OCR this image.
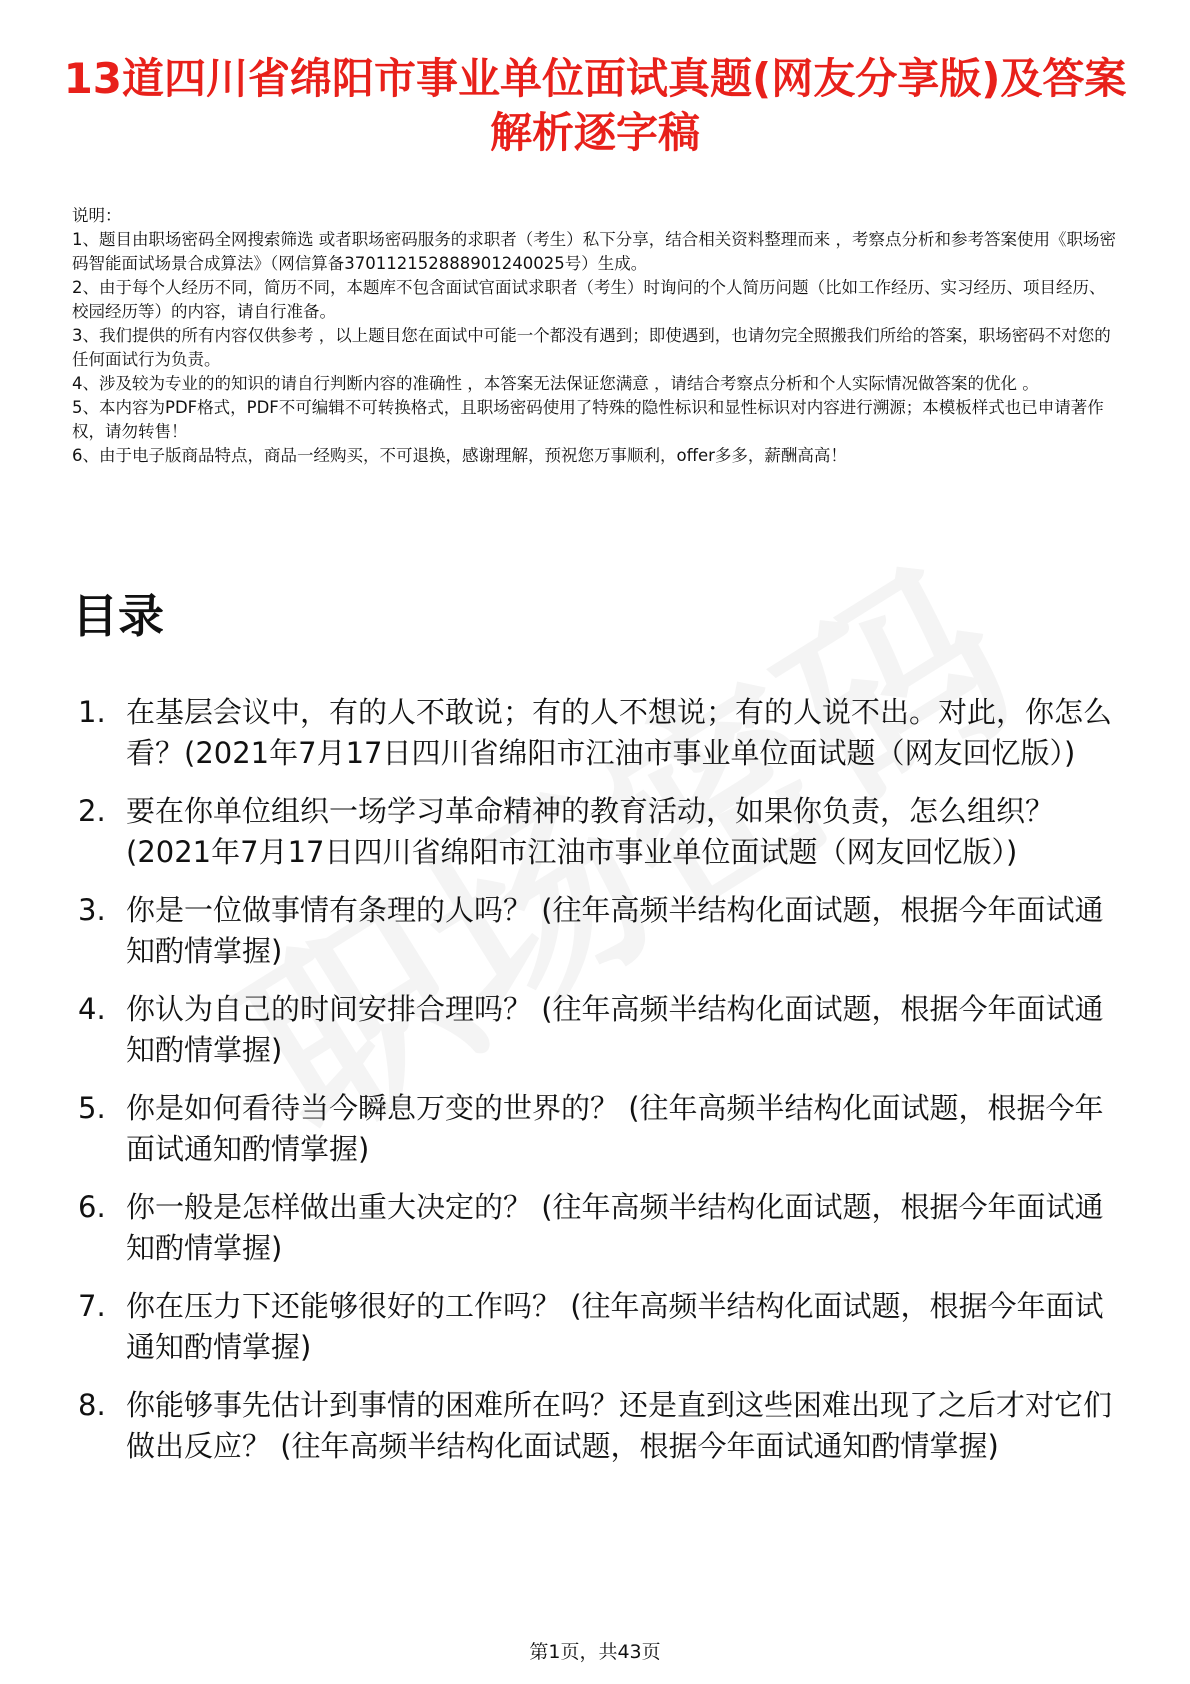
13道四川省绵阳市事业单位面试真题(网友分享版)及答案解析逐字稿

说明：

1、题目由职场密码全网搜索筛选 或者职场密码服务的求职者（考生）私下分享，结合相关资料整理而来 ，考察点分析和参考答案使用《职场密码智能面试场景合成算法》（网信算备370112152888901240025号）生成。

2、由于每个人经历不同，简历不同，本题库不包含面试官面试求职者（考生）时询问的个人简历问题（比如工作经历、实习经历、项目经历、校园经历等）的内容，请自行准备。

3、我们提供的所有内容仅供参考 ，以上题目您在面试中可能一个都没有遇到；即使遇到，也请勿完全照搬我们所给的答案，职场密码不对您的任何面试行为负责。

4、涉及较为专业的的知识的请自行判断内容的准确性 ，本答案无法保证您满意 ，请结合考察点分析和个人实际情况做答案的优化 。

5、本内容为PDF格式，PDF不可编辑不可转换格式，且职场密码使用了特殊的隐性标识和显性标识对内容进行溯源；本模板样式也已申请著作权，请勿转售！

6、由于电子版商品特点，商品一经购买，不可退换，感谢理解，预祝您万事顺利，offer多多，薪酬高高！

目录
1. 在基层会议中，有的人不敢说；有的人不想说；有的人说不出。对此，你怎么看？(2021年7月17日四川省绵阳市江油市事业单位面试题（网友回忆版）)
2. 要在你单位组织一场学习革命精神的教育活动，如果你负责，怎么组织？(2021年7月17日四川省绵阳市江油市事业单位面试题（网友回忆版）)
3. 你是一位做事情有条理的人吗？ (往年高频半结构化面试题，根据今年面试通知酌情掌握)
4. 你认为自己的时间安排合理吗？ (往年高频半结构化面试题，根据今年面试通知酌情掌握)
5. 你是如何看待当今瞬息万变的世界的？ (往年高频半结构化面试题，根据今年面试通知酌情掌握)
6. 你一般是怎样做出重大决定的？ (往年高频半结构化面试题，根据今年面试通知酌情掌握)
7. 你在压力下还能够很好的工作吗？ (往年高频半结构化面试题，根据今年面试通知酌情掌握)
8. 你能够事先估计到事情的困难所在吗？还是直到这些困难出现了之后才对它们做出反应？ (往年高频半结构化面试题，根据今年面试通知酌情掌握)
第1页，共43页
